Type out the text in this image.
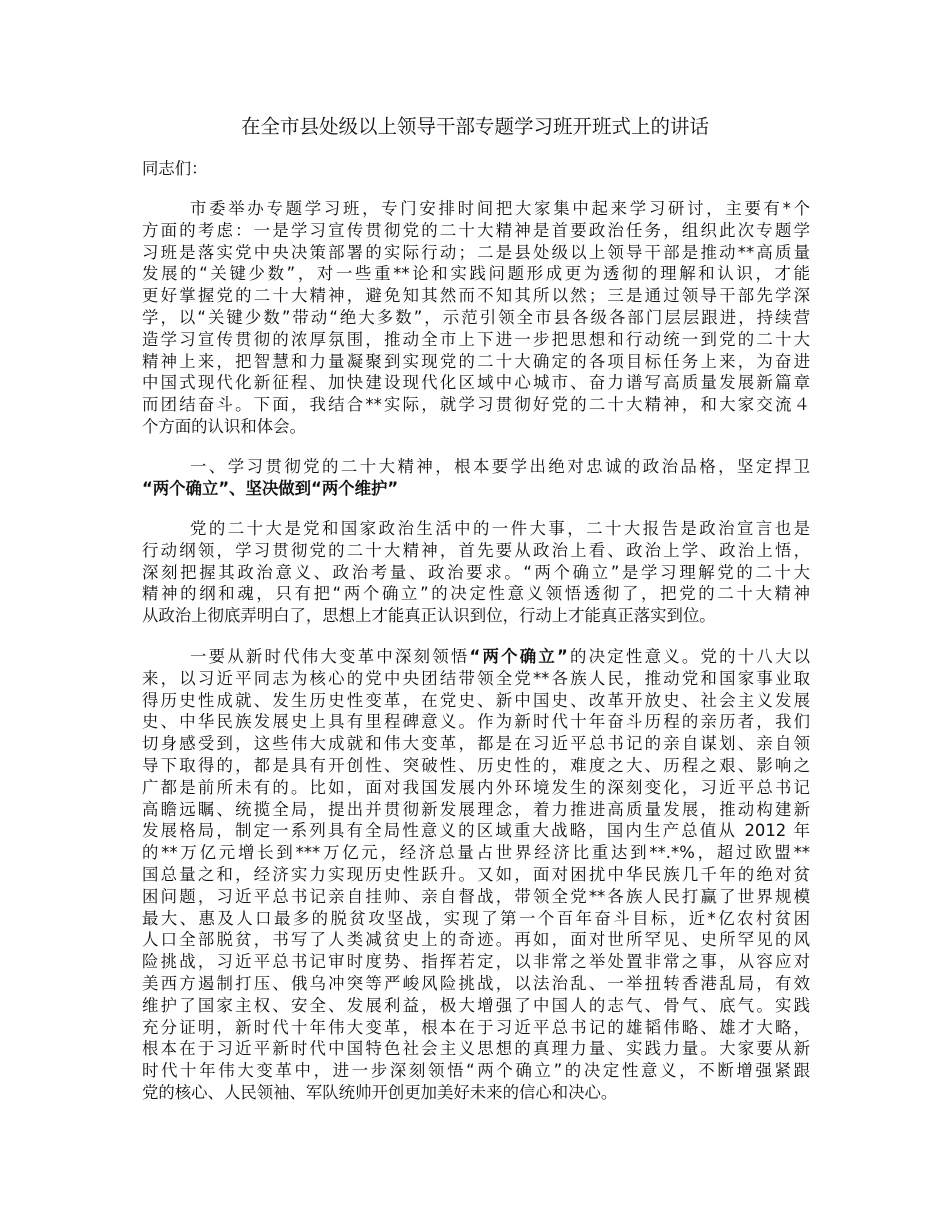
在全市县处级以上领导干部专题学习班开班式上的讲话
同志们：
市委举办专题学习班，专门安排时间把大家集中起来学习研讨，主要有*个
方面的考虑：一是学习宣传贯彻党的二十大精神是首要政治任务，组织此次专题学
习班是落实党中央决策部署的实际行动；二是县处级以上领导干部是推动**高质量
发展的“关键少数”，对一些重**论和实践问题形成更为透彻的理解和认识，才能
更好掌握党的二十大精神，避免知其然而不知其所以然；三是通过领导干部先学深
学，以“关键少数”带动“绝大多数”，示范引领全市县各级各部门层层跟进，持续营
造学习宣传贯彻的浓厚氛围，推动全市上下进一步把思想和行动统一到党的二十大
精神上来，把智慧和力量凝聚到实现党的二十大确定的各项目标任务上来，为奋进
中国式现代化新征程、加快建设现代化区域中心城市、奋力谱写高质量发展新篇章
而团结奋斗。下面，我结合**实际，就学习贯彻好党的二十大精神，和大家交流４
个方面的认识和体会。
一、学习贯彻党的二十大精神，根本要学出绝对忠诚的政治品格，坚定捍卫
“两个确立”、坚决做到“两个维护”
党的二十大是党和国家政治生活中的一件大事，二十大报告是政治宣言也是
行动纲领，学习贯彻党的二十大精神，首先要从政治上看、政治上学、政治上悟，
深刻把握其政治意义、政治考量、政治要求。“两个确立”是学习理解党的二十大
精神的纲和魂，只有把“两个确立”的决定性意义领悟透彻了，把党的二十大精神
从政治上彻底弄明白了，思想上才能真正认识到位，行动上才能真正落实到位。
一要从新时代伟大变革中深刻领悟“两个确立”的决定性意义。党的十八大以
来，以习近平同志为核心的党中央团结带领全党**各族人民，推动党和国家事业取
得历史性成就、发生历史性变革，在党史、新中国史、改革开放史、社会主义发展
史、中华民族发展史上具有里程碑意义。作为新时代十年奋斗历程的亲历者，我们
切身感受到，这些伟大成就和伟大变革，都是在习近平总书记的亲自谋划、亲自领
导下取得的，都是具有开创性、突破性、历史性的，难度之大、历程之艰、影响之
广都是前所未有的。比如，面对我国发展内外环境发生的深刻变化，习近平总书记
高瞻远瞩、统揽全局，提出并贯彻新发展理念，着力推进高质量发展，推动构建新
发展格局，制定一系列具有全局性意义的区域重大战略，国内生产总值从 2012 年
的**万亿元增长到***万亿元，经济总量占世界经济比重达到**.*%，超过欧盟**
国总量之和，经济实力实现历史性跃升。又如，面对困扰中华民族几千年的绝对贫
困问题，习近平总书记亲自挂帅、亲自督战，带领全党**各族人民打赢了世界规模
最大、惠及人口最多的脱贫攻坚战，实现了第一个百年奋斗目标，近*亿农村贫困
人口全部脱贫，书写了人类减贫史上的奇迹。再如，面对世所罕见、史所罕见的风
险挑战，习近平总书记审时度势、指挥若定，以非常之举处置非常之事，从容应对
美西方遏制打压、俄乌冲突等严峻风险挑战，以法治乱、一举扭转香港乱局，有效
维护了国家主权、安全、发展利益，极大增强了中国人的志气、骨气、底气。实践
充分证明，新时代十年伟大变革，根本在于习近平总书记的雄韬伟略、雄才大略，
根本在于习近平新时代中国特色社会主义思想的真理力量、实践力量。大家要从新
时代十年伟大变革中，进一步深刻领悟“两个确立”的决定性意义，不断增强紧跟
党的核心、人民领袖、军队统帅开创更加美好未来的信心和决心。
